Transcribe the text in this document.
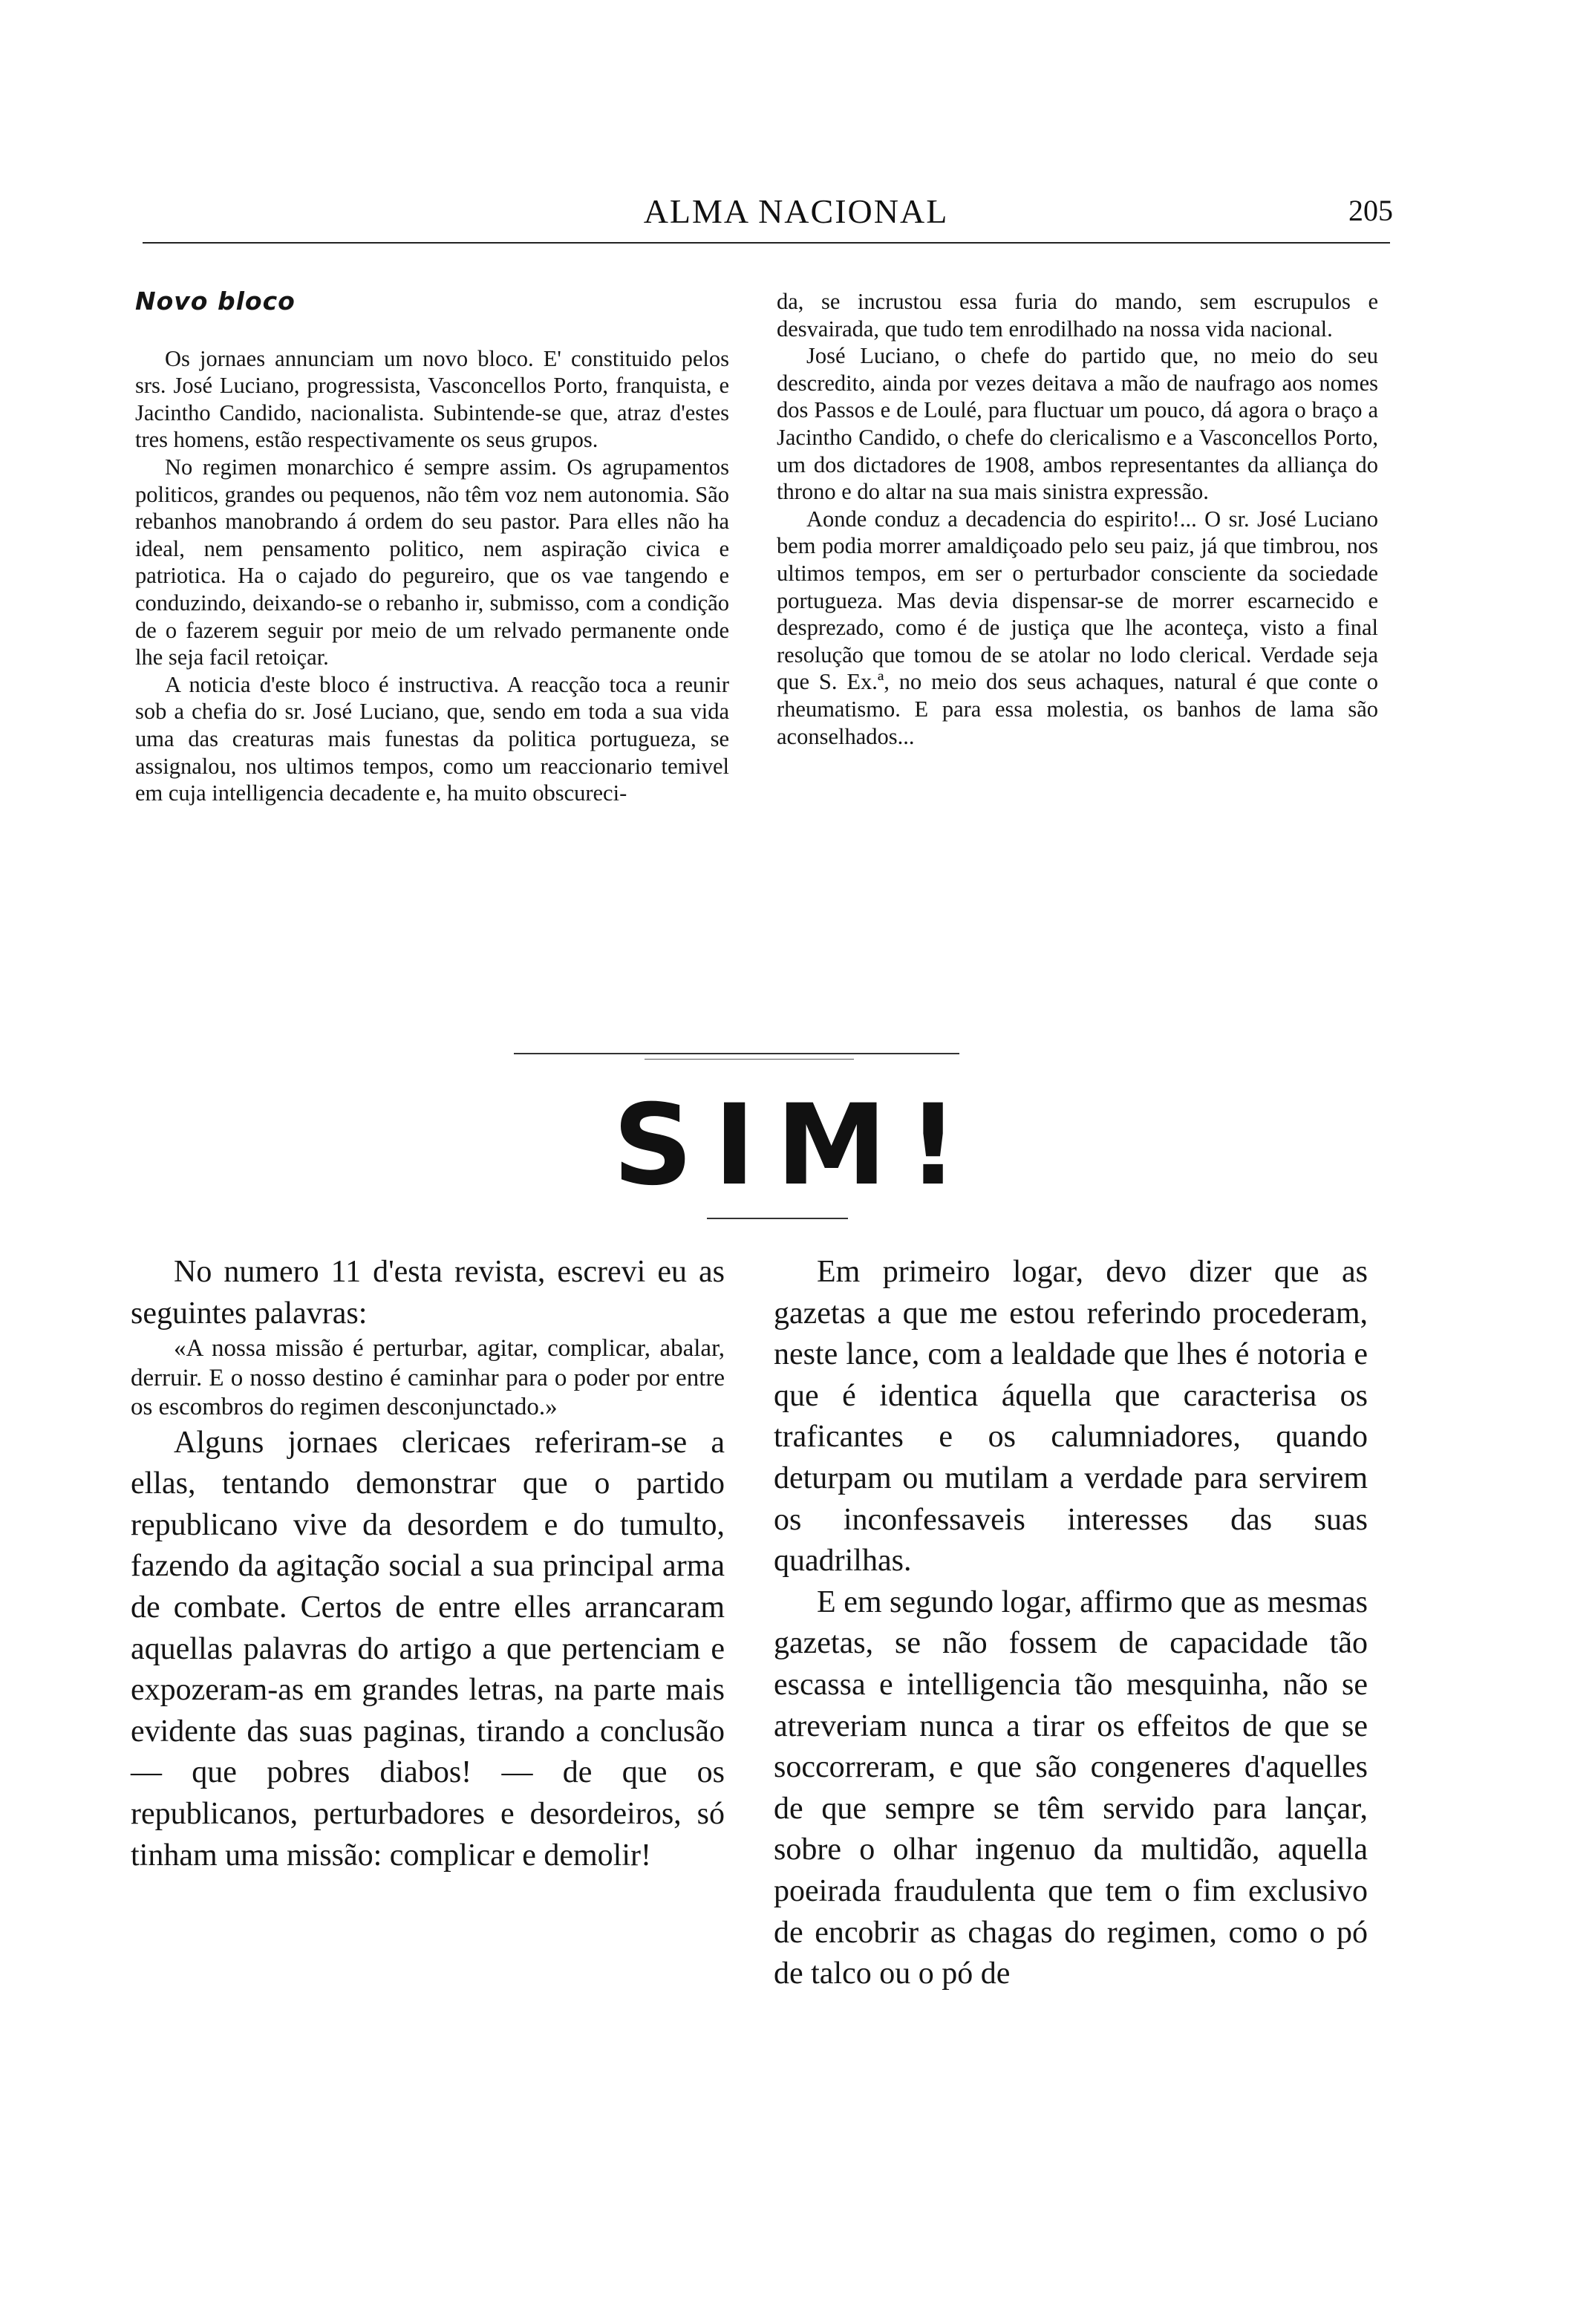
ALMA NACIONAL	205
Novo bloco

Os jornaes annunciam um novo bloco. E' constituido pelos srs. José Luciano, progressista, Vasconcellos Porto, franquista, e Jacintho Candido, nacionalista. Subintende-se que, atraz d'estes tres homens, estão respectivamente os seus grupos.

No regimen monarchico é sempre assim. Os agrupamentos politicos, grandes ou pequenos, não têm voz nem autonomia. São rebanhos manobrando á ordem do seu pastor. Para elles não ha ideal, nem pensamento politico, nem aspiração civica e patriotica. Ha o cajado do pegureiro, que os vae tangendo e conduzindo, deixando-se o rebanho ir, submisso, com a condição de o fazerem seguir por meio de um relvado permanente onde lhe seja facil retoiçar.

A noticia d'este bloco é instructiva. A reacção toca a reunir sob a chefia do sr. José Luciano, que, sendo em toda a sua vida uma das creaturas mais funestas da politica portugueza, se assignalou, nos ultimos tempos, como um reaccionario temivel em cuja intelligencia decadente e, ha muito obscureci-

da, se incrustou essa furia do mando, sem escrupulos e desvairada, que tudo tem enrodilhado na nossa vida nacional.

José Luciano, o chefe do partido que, no meio do seu descredito, ainda por vezes deitava a mão de naufrago aos nomes dos Passos e de Loulé, para fluctuar um pouco, dá agora o braço a Jacintho Candido, o chefe do clericalismo e a Vasconcellos Porto, um dos dictadores de 1908, ambos representantes da alliança do throno e do altar na sua mais sinistra expressão.

Aonde conduz a decadencia do espirito!... O sr. José Luciano bem podia morrer amaldiçoado pelo seu paiz, já que timbrou, nos ultimos tempos, em ser o perturbador consciente da sociedade portugueza. Mas devia dispensar-se de morrer escarnecido e desprezado, como é de justiça que lhe aconteça, visto a final resolução que tomou de se atolar no lodo clerical. Verdade seja que S. Ex.ª, no meio dos seus achaques, natural é que conte o rheumatismo. E para essa molestia, os banhos de lama são aconselhados...

SIM!

No numero 11 d'esta revista, escrevi eu as seguintes palavras:

«A nossa missão é perturbar, agitar, complicar, abalar, derruir. E o nosso destino é caminhar para o poder por entre os escombros do regimen desconjunctado.»

Alguns jornaes clericaes referiram-se a ellas, tentando demonstrar que o partido republicano vive da desordem e do tumulto, fazendo da agitação social a sua principal arma de combate. Certos de entre elles arrancaram aquellas palavras do artigo a que pertenciam e expozeram-as em grandes letras, na parte mais evidente das suas paginas, tirando a conclusão — que pobres diabos! — de que os republicanos, perturbadores e desordeiros, só tinham uma missão: complicar e demolir!

Em primeiro logar, devo dizer que as gazetas a que me estou referindo procederam, neste lance, com a lealdade que lhes é notoria e que é identica áquella que caracterisa os traficantes e os calumniadores, quando deturpam ou mutilam a verdade para servirem os inconfessaveis interesses das suas quadrilhas.

E em segundo logar, affirmo que as mesmas gazetas, se não fossem de capacidade tão escassa e intelligencia tão mesquinha, não se atreveriam nunca a tirar os effeitos de que se soccorreram, e que são congeneres d'aquelles de que sempre se têm servido para lançar, sobre o olhar ingenuo da multidão, aquella poeirada fraudulenta que tem o fim exclusivo de encobrir as chagas do regimen, como o pó de talco ou o pó de
